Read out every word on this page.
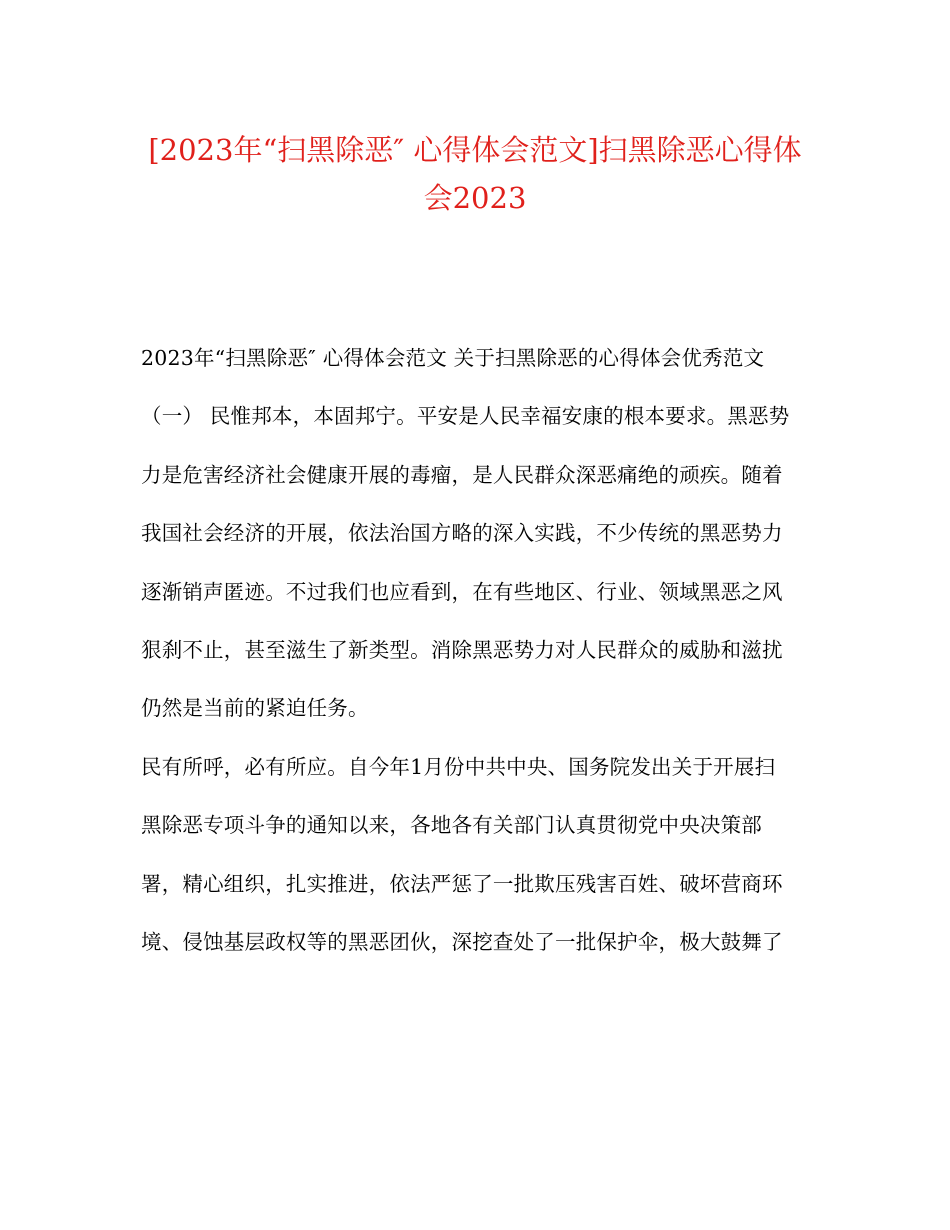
[2023年“扫黑除恶″ 心得体会范文]扫黑除恶心得体会2023
2023年“扫黑除恶″ 心得体会范文 关于扫黑除恶的心得体会优秀范文
（一） 民惟邦本，本固邦宁。平安是人民幸福安康的根本要求。黑恶势
力是危害经济社会健康开展的毒瘤，是人民群众深恶痛绝的顽疾。随着
我国社会经济的开展，依法治国方略的深入实践，不少传统的黑恶势力
逐渐销声匿迹。不过我们也应看到，在有些地区、行业、领域黑恶之风
狠刹不止，甚至滋生了新类型。消除黑恶势力对人民群众的威胁和滋扰
仍然是当前的紧迫任务。
民有所呼，必有所应。自今年1月份中共中央、国务院发出关于开展扫
黑除恶专项斗争的通知以来，各地各有关部门认真贯彻党中央决策部
署，精心组织，扎实推进，依法严惩了一批欺压残害百姓、破坏营商环
境、侵蚀基层政权等的黑恶团伙，深挖查处了一批保护伞，极大鼓舞了
